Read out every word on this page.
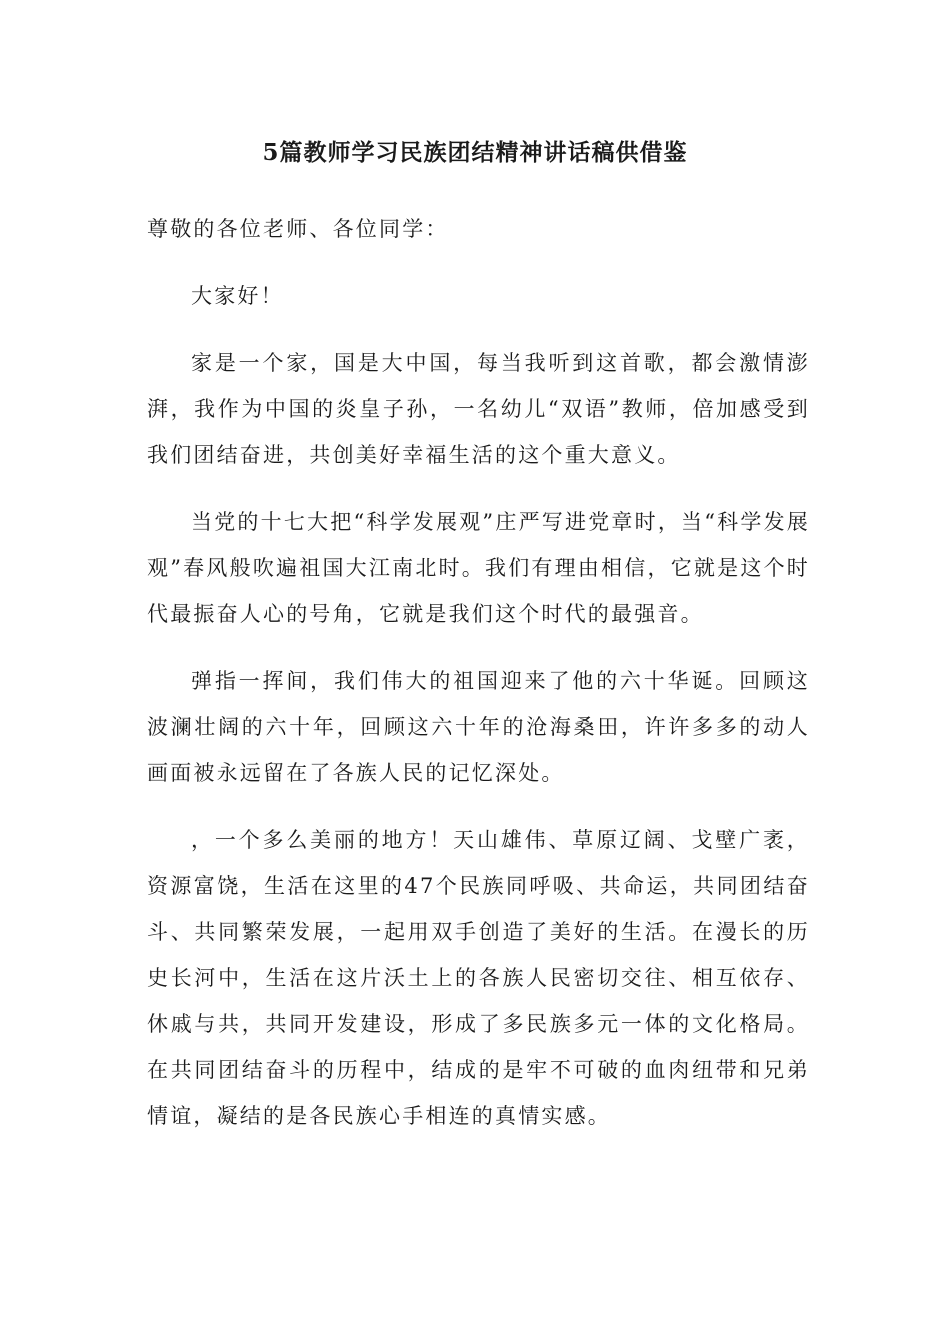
5篇教师学习民族团结精神讲话稿供借鉴

尊敬的各位老师、各位同学：

大家好！

家是一个家，国是大中国，每当我听到这首歌，都会激情澎湃，我作为中国的炎皇子孙，一名幼儿“双语”教师，倍加感受到我们团结奋进，共创美好幸福生活的这个重大意义。

当党的十七大把“科学发展观”庄严写进党章时，当“科学发展观”春风般吹遍祖国大江南北时。我们有理由相信，它就是这个时代最振奋人心的号角，它就是我们这个时代的最强音。

弹指一挥间，我们伟大的祖国迎来了他的六十华诞。回顾这波澜壮阔的六十年，回顾这六十年的沧海桑田，许许多多的动人画面被永远留在了各族人民的记忆深处。

，一个多么美丽的地方！天山雄伟、草原辽阔、戈壁广袤，资源富饶，生活在这里的47个民族同呼吸、共命运，共同团结奋斗、共同繁荣发展，一起用双手创造了美好的生活。在漫长的历史长河中，生活在这片沃土上的各族人民密切交往、相互依存、休戚与共，共同开发建设，形成了多民族多元一体的文化格局。在共同团结奋斗的历程中，结成的是牢不可破的血肉纽带和兄弟情谊，凝结的是各民族心手相连的真情实感。
